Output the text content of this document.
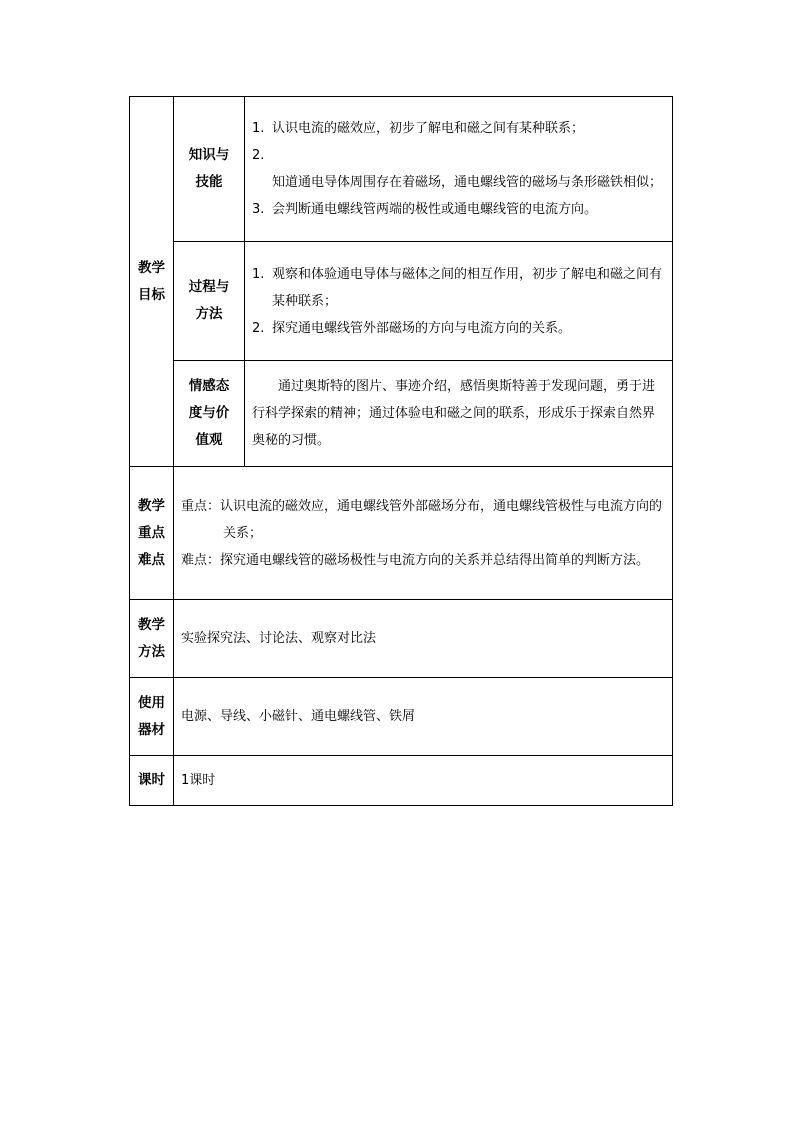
教学目标	知识与技能	1. 认识电流的磁效应，初步了解电和磁之间有某种联系；
2.
知道通电导体周围存在着磁场，通电螺线管的磁场与条形磁铁相似；
3. 会判断通电螺线管两端的极性或通电螺线管的电流方向。

	过程与方法	1. 观察和体验通电导体与磁体之间的相互作用，初步了解电和磁之间有某种联系；
2. 探究通电螺线管外部磁场的方向与电流方向的关系。

	情感态度与价值观	通过奥斯特的图片、事迹介绍，感悟奥斯特善于发现问题，勇于进行科学探索的精神；通过体验电和磁之间的联系，形成乐于探索自然界奥秘的习惯。

教学重点难点	重点：认识电流的磁效应，通电螺线管外部磁场分布，通电螺线管极性与电流方向的关系；
难点：探究通电螺线管的磁场极性与电流方向的关系并总结得出简单的判断方法。	

教学方法	实验探究法、讨论法、观察对比法	

使用器材	电源、导线、小磁针、通电螺线管、铁屑	

课时	1课时	
